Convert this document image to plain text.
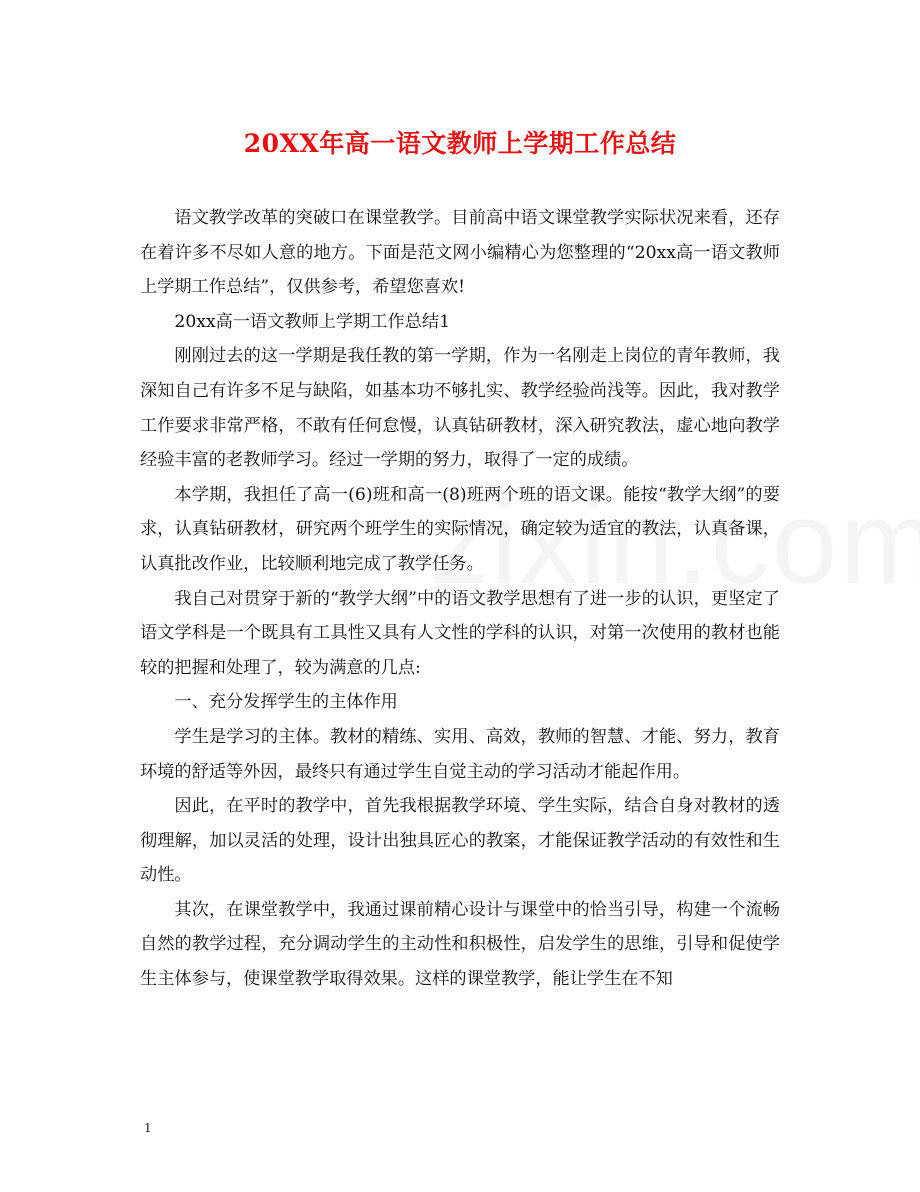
20XX年高一语文教师上学期工作总结

语文教学改革的突破口在课堂教学。目前高中语文课堂教学实际状况来看，还存在着许多不尽如人意的地方。下面是范文网小编精心为您整理的“20xx高一语文教师上学期工作总结”，仅供参考，希望您喜欢!

20xx高一语文教师上学期工作总结1

刚刚过去的这一学期是我任教的第一学期，作为一名刚走上岗位的青年教师，我深知自己有许多不足与缺陷，如基本功不够扎实、教学经验尚浅等。因此，我对教学工作要求非常严格，不敢有任何怠慢，认真钻研教材，深入研究教法，虚心地向教学经验丰富的老教师学习。经过一学期的努力，取得了一定的成绩。

本学期，我担任了高一(6)班和高一(8)班两个班的语文课。能按“教学大纲”的要求，认真钻研教材，研究两个班学生的实际情况，确定较为适宜的教法，认真备课，认真批改作业，比较顺利地完成了教学任务。

我自己对贯穿于新的“教学大纲”中的语文教学思想有了进一步的认识，更坚定了语文学科是一个既具有工具性又具有人文性的学科的认识，对第一次使用的教材也能较的把握和处理了，较为满意的几点:

一、充分发挥学生的主体作用

学生是学习的主体。教材的精练、实用、高效，教师的智慧、才能、努力，教育环境的舒适等外因，最终只有通过学生自觉主动的学习活动才能起作用。

因此，在平时的教学中，首先我根据教学环境、学生实际，结合自身对教材的透彻理解，加以灵活的处理，设计出独具匠心的教案，才能保证教学活动的有效性和生动性。

其次，在课堂教学中，我通过课前精心设计与课堂中的恰当引导，构建一个流畅自然的教学过程，充分调动学生的主动性和积极性，启发学生的思维，引导和促使学生主体参与，使课堂教学取得效果。这样的课堂教学，能让学生在不知

1
